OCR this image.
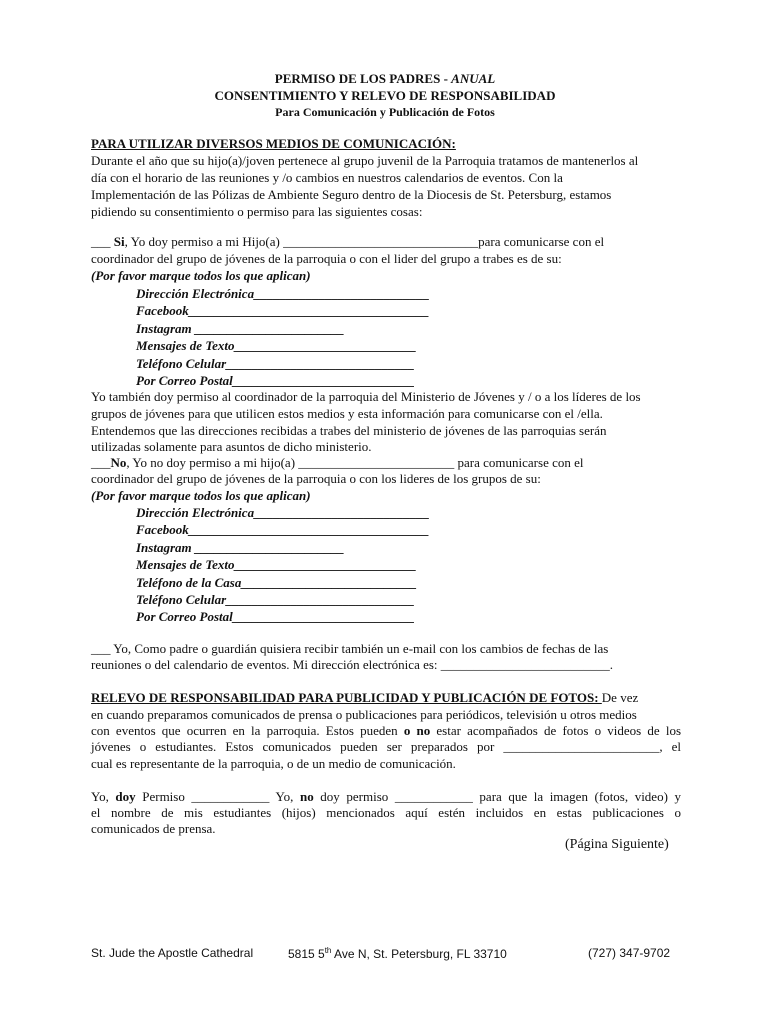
PERMISO DE LOS PADRES - ANUAL
CONSENTIMIENTO Y RELEVO DE RESPONSABILIDAD
Para Comunicación y Publicación de Fotos
PARA UTILIZAR DIVERSOS MEDIOS DE COMUNICACIÓN:
Durante el año que su hijo(a)/joven pertenece al grupo juvenil de la Parroquia tratamos de mantenerlos al
día con el horario de las reuniones y /o cambios en nuestros calendarios de eventos. Con la
Implementación de las Pólizas de Ambiente Seguro dentro de la Diocesis de St. Petersburg, estamos
pidiendo su consentimiento o permiso para las siguientes cosas:
___ Si, Yo doy permiso a mi Hijo(a) ______________________________para comunicarse con el
coordinador del grupo de jóvenes de la parroquia o con el lider del grupo a trabes es de su:
(Por favor marque todos los que aplican)
Dirección Electrónica___________________________
Facebook_____________________________________
Instagram _______________________
Mensajes de Texto____________________________
Teléfono Celular_____________________________
Por Correo Postal____________________________
Yo también doy permiso al coordinador de la parroquia del Ministerio de Jóvenes y / o a los líderes de los
grupos de jóvenes para que utilicen estos medios y esta información para comunicarse con el /ella.
Entendemos que las direcciones recibidas a trabes del ministerio de jóvenes de las parroquias serán
utilizadas solamente para asuntos de dicho ministerio.
___No, Yo no doy permiso a mi hijo(a) ________________________ para comunicarse con el
coordinador del grupo de jóvenes de la parroquia o con los lideres de los grupos de su:
(Por favor marque todos los que aplican)
Dirección Electrónica___________________________
Facebook_____________________________________
Instagram _______________________
Mensajes de Texto____________________________
Teléfono de la Casa___________________________
Teléfono Celular_____________________________
Por Correo Postal____________________________
___ Yo, Como padre o guardián quisiera recibir también un e-mail con los cambios de fechas de las
reuniones o del calendario de eventos. Mi dirección electrónica es: __________________________.
RELEVO DE RESPONSABILIDAD PARA PUBLICIDAD Y PUBLICACIÓN DE FOTOS: De vez
en cuando preparamos comunicados de prensa o publicaciones para periódicos, televisión u otros medios
con eventos que ocurren en la parroquia. Estos pueden o no estar acompañados de fotos o videos de los
jóvenes o estudiantes. Estos comunicados pueden ser preparados por ________________________, el
cual es representante de la parroquia, o de un medio de comunicación.
Yo, doy Permiso ____________ Yo, no doy permiso ____________ para que la imagen (fotos, video) y
el nombre de mis estudiantes (hijos) mencionados aquí estén incluidos en estas publicaciones o
comunicados de prensa.
(Página Siguiente)
St. Jude the Apostle Cathedral	5815 5th Ave N, St. Petersburg, FL 33710	(727) 347-9702
